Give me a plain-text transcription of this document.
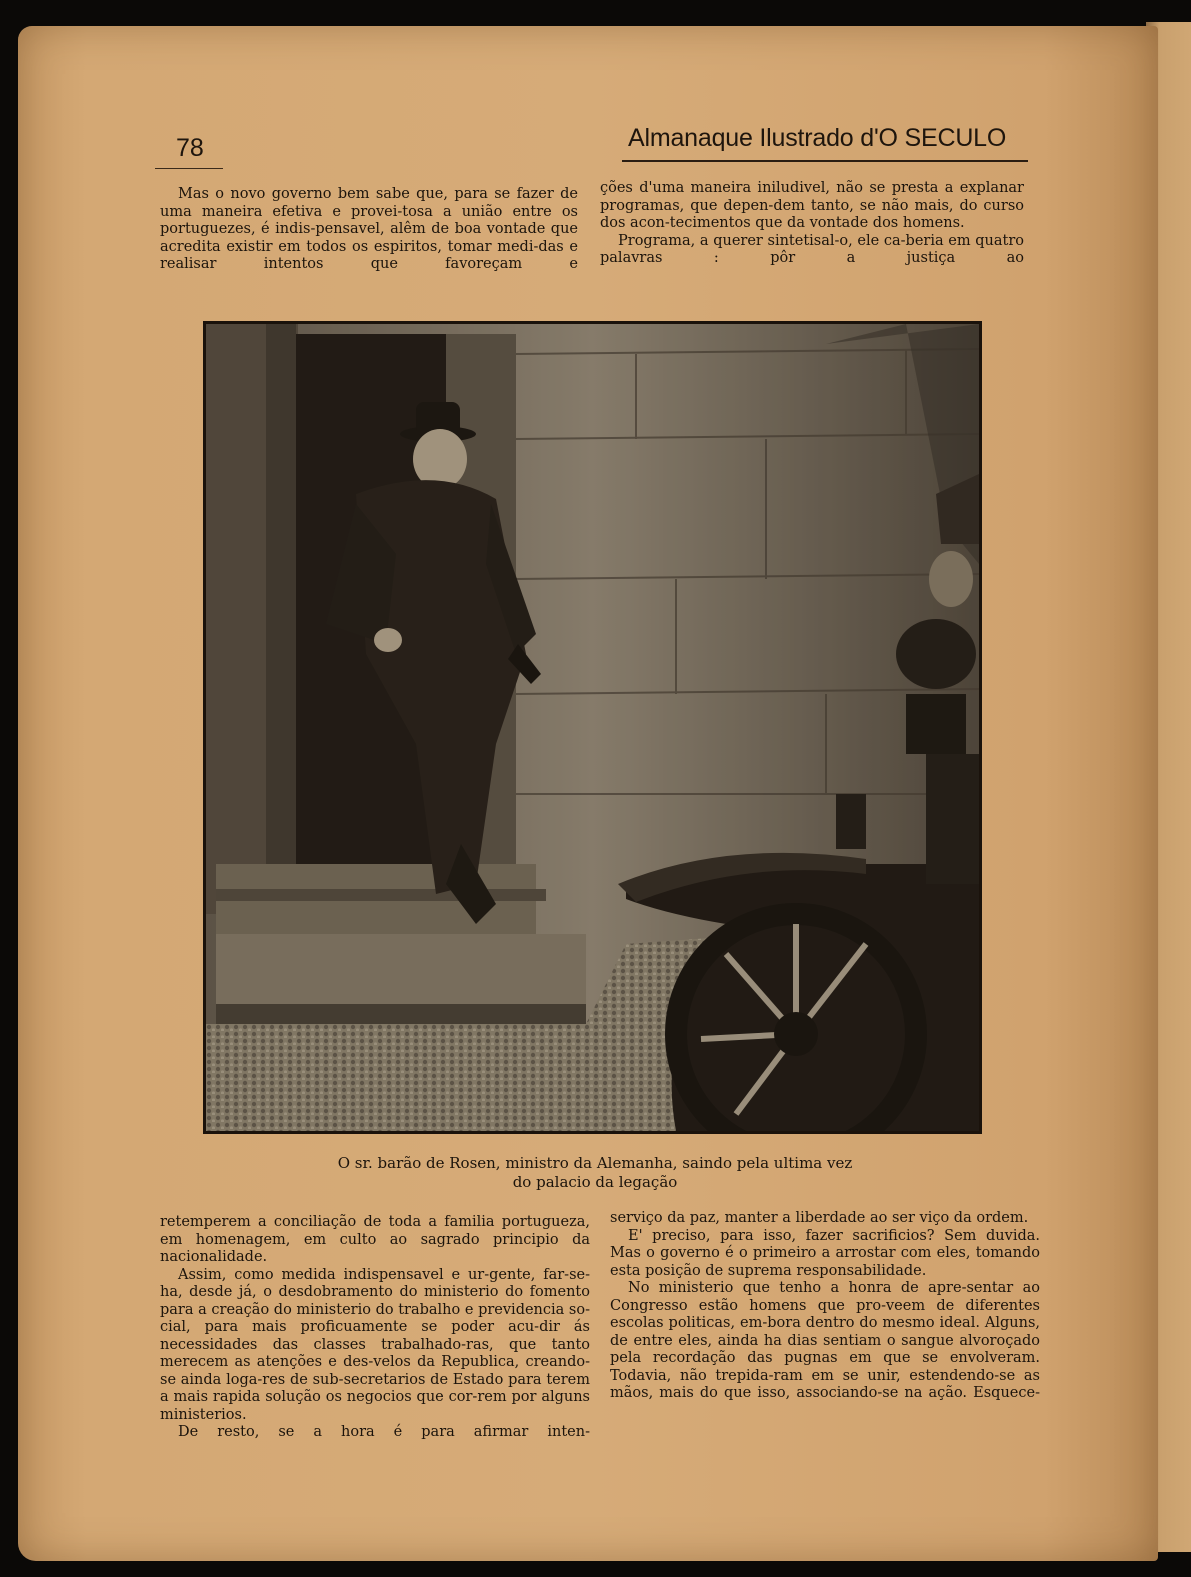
78	Almanaque Ilustrado d'O SECULO

Mas o novo governo bem sabe que, para se fazer de uma maneira efetiva e provei-tosa a união entre os portuguezes, é indis-pensavel, alêm de boa vontade que acredita existir em todos os espiritos, tomar medi-das e realisar intentos que favoreçam e

ções d'uma maneira iniludivel, não se presta a explanar programas, que depen-dem tanto, se não mais, do curso dos acon-tecimentos que da vontade dos homens.

Programa, a querer sintetisal-o, ele ca-beria em quatro palavras : pôr a justiça ao

O sr. barão de Rosen, ministro da Alemanha, saindo pela ultima vez
do palacio da legação

retemperem a conciliação de toda a familia portugueza, em homenagem, em culto ao sagrado principio da nacionalidade.

Assim, como medida indispensavel e ur-gente, far-se-ha, desde já, o desdobramento do ministerio do fomento para a creação do ministerio do trabalho e previdencia so-cial, para mais proficuamente se poder acu-dir ás necessidades das classes trabalhado-ras, que tanto merecem as atenções e des-velos da Republica, creando-se ainda loga-res de sub-secretarios de Estado para terem a mais rapida solução os negocios que cor-rem por alguns ministerios.

De resto, se a hora é para afirmar inten-

serviço da paz, manter a liberdade ao ser viço da ordem.

E' preciso, para isso, fazer sacrificios? Sem duvida. Mas o governo é o primeiro a arrostar com eles, tomando esta posição de suprema responsabilidade.

No ministerio que tenho a honra de apre-sentar ao Congresso estão homens que pro-veem de diferentes escolas politicas, em-bora dentro do mesmo ideal. Alguns, de entre eles, ainda ha dias sentiam o sangue alvoroçado pela recordação das pugnas em que se envolveram. Todavia, não trepida-ram em se unir, estendendo-se as mãos, mais do que isso, associando-se na ação. Esquece-
